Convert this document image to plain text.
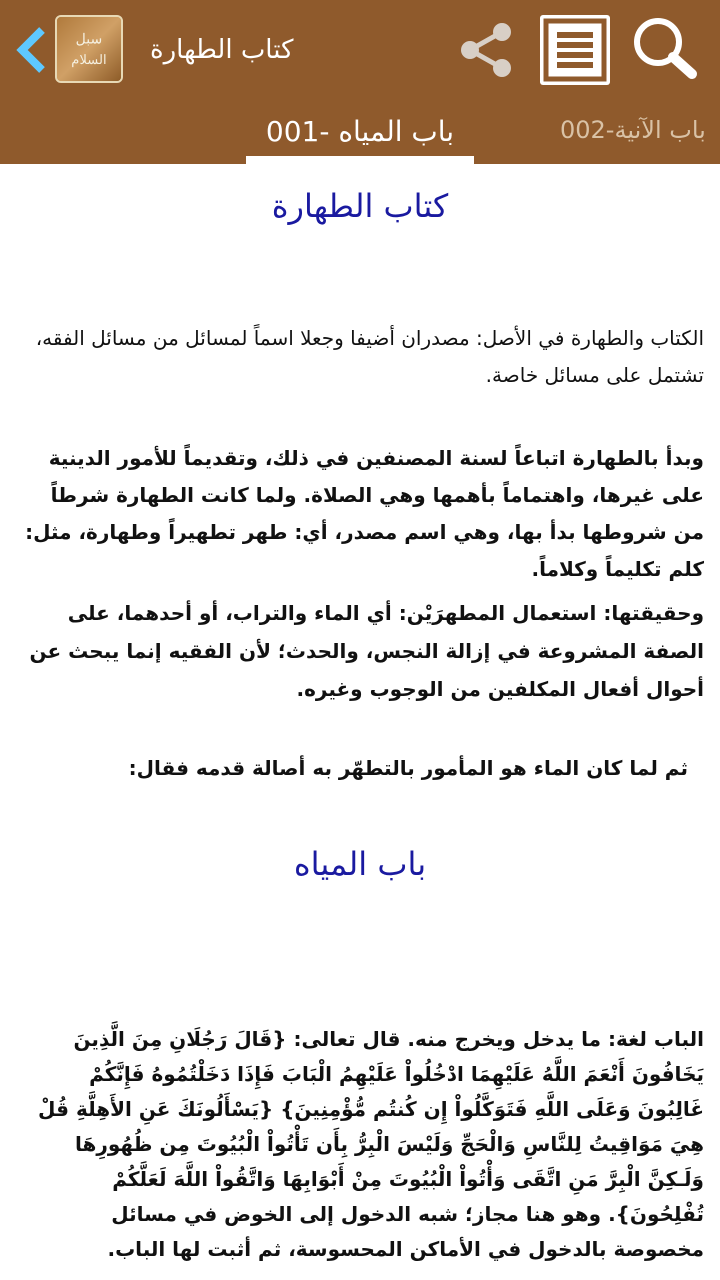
سبل
السلام كتاب الطهارة
001- باب المياه	002-باب الآنية
كتاب الطهارة
الكتاب والطهارة في الأصل: مصدران أضيفا وجعلا اسماً لمسائل من مسائل الفقه، تشتمل على مسائل خاصة.
وبدأ بالطهارة اتباعاً لسنة المصنفين في ذلك، وتقديماً للأمور الدينية على غيرها، واهتماماً بأهمها وهي الصلاة. ولما كانت الطهارة شرطاً من شروطها بدأ بها، وهي اسم مصدر، أي: طهر تطهيراً وطهارة، مثل: كلم تكليماً وكلاماً.
وحقيقتها: استعمال المطهرَيْن: أي الماء والتراب، أو أحدهما، على الصفة المشروعة في إزالة النجس، والحدث؛ لأن الفقيه إنما يبحث عن أحوال أفعال المكلفين من الوجوب وغيره.
ثم لما كان الماء هو المأمور بالتطهّر به أصالة قدمه فقال:
باب المياه
الباب لغة: ما يدخل ويخرج منه. قال تعالى: {قَالَ رَجُلَانِ مِنَ الَّذِينَ يَخَافُونَ أَنْعَمَ اللَّهُ عَلَيْهِمَا ادْخُلُواْ عَلَيْهِمُ الْبَابَ فَإِذَا دَخَلْتُمُوهُ فَإِنَّكُمْ غَالِبُونَ وَعَلَى اللَّهِ فَتَوَكَّلُواْ إِن كُنتُم مُّؤْمِنِينَ} {يَسْأَلُونَكَ عَنِ الأَهِلَّةِ قُلْ هِيَ مَوَاقِيتُ لِلنَّاسِ وَالْحَجِّ وَلَيْسَ الْبِرُّ بِأَن تَأْتُواْ الْبُيُوتَ مِن ظُهُورِهَا وَلَـكِنَّ الْبِرَّ مَنِ اتَّقَى وَأْتُواْ الْبُيُوتَ مِنْ أَبْوَابِهَا وَاتَّقُواْ اللَّهَ لَعَلَّكُمْ تُفْلِحُونَ}. وهو هنا مجاز؛ شبه الدخول إلى الخوض في مسائل مخصوصة بالدخول في الأماكن المحسوسة، ثم أثبت لها الباب.
